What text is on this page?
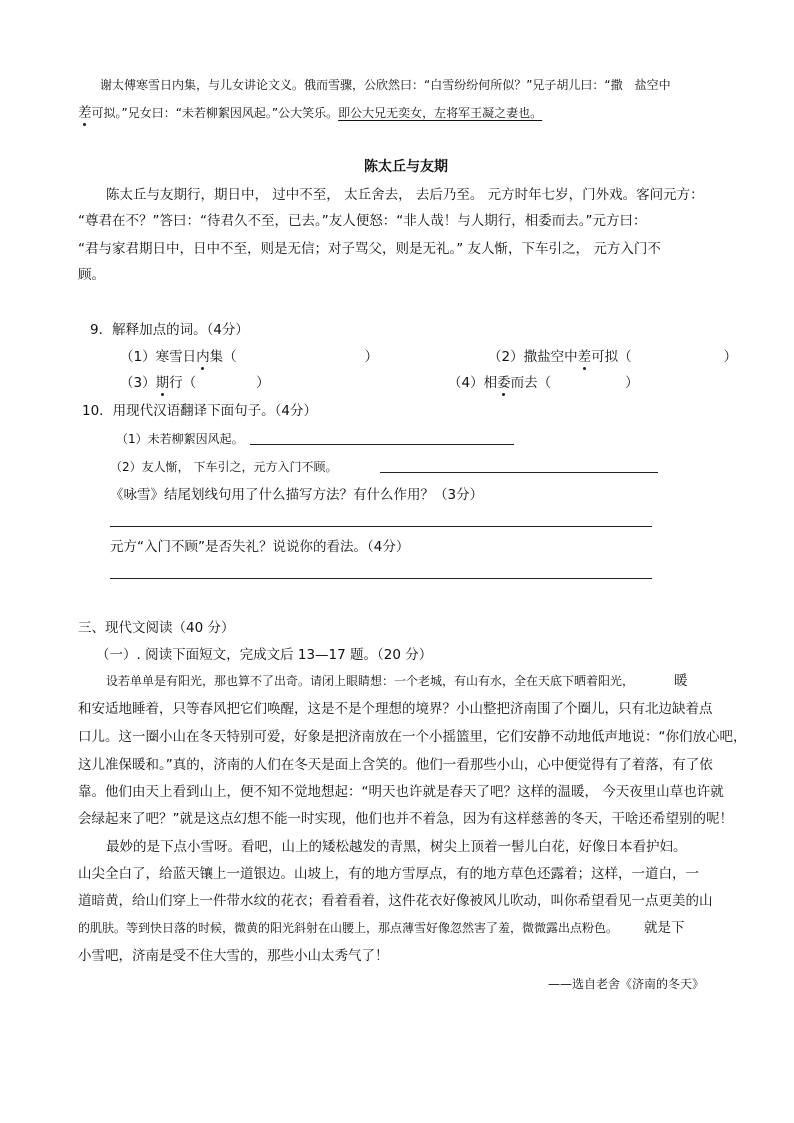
谢太傅寒雪日内集，与儿女讲论文义。俄而雪骤，公欣然曰：“白雪纷纷何所似？”兄子胡儿曰：“撒　盐空中
差可拟。”兄女曰：“未若柳絮因风起。”公大笑乐。即公大兄无奕女，左将军王凝之妻也。
陈太丘与友期
陈太丘与友期行，期日中， 过中不至， 太丘舍去， 去后乃至。 元方时年七岁，门外戏。客问元方：
“尊君在不？”答曰：“待君久不至，已去。”友人便怒：“非人哉！与人期行，相委而去。”元方曰：
“君与家君期日中，日中不至，则是无信；对子骂父，则是无礼。” 友人惭，下车引之， 元方入门不
顾。
9．解释加点的词。（4分）
（1）寒雪日内集（	）	（2）撒盐空中差可拟（	）
（3）期行（	）	（4）相委而去（	）
10．用现代汉语翻译下面句子。（4分）
（1）未若柳絮因风起。
（2）友人惭， 下车引之，元方入门不顾。
《咏雪》结尾划线句用了什么描写方法？有什么作用？（3分）
元方“入门不顾”是否失礼？说说你的看法。（4分）
三、现代文阅读（40 分）
（一）. 阅读下面短文，完成文后 13—17 题。（20 分）
设若单单是有阳光，那也算不了出奇。请闭上眼睛想：一个老城，有山有水，全在天底下晒着阳光，	暖
和安适地睡着，只等春风把它们唤醒，这是不是个理想的境界？小山整把济南围了个圈儿，只有北边缺着点
口儿。这一圈小山在冬天特别可爱，好象是把济南放在一个小摇篮里，它们安静不动地低声地说：“你们放心吧，
这儿准保暖和。”真的，济南的人们在冬天是面上含笑的。他们一看那些小山，心中便觉得有了着落，有了依
靠。他们由天上看到山上，便不知不觉地想起：“明天也许就是春天了吧？这样的温暖， 今天夜里山草也许就
会绿起来了吧？”就是这点幻想不能一时实现，他们也并不着急，因为有这样慈善的冬天，干啥还希望别的呢！
最妙的是下点小雪呀。看吧，山上的矮松越发的青黑，树尖上顶着一髻儿白花，好像日本看护妇。
山尖全白了，给蓝天镶上一道银边。山坡上，有的地方雪厚点，有的地方草色还露着；这样，一道白，一
道暗黄，给山们穿上一件带水纹的花衣；看着看着，这件花衣好像被风儿吹动，叫你希望看见一点更美的山
的肌肤。等到快日落的时候，微黄的阳光斜射在山腰上，那点薄雪好像忽然害了羞，微微露出点粉色。 就是下
小雪吧，济南是受不住大雪的，那些小山太秀气了！
——选自老舍《济南的冬天》
